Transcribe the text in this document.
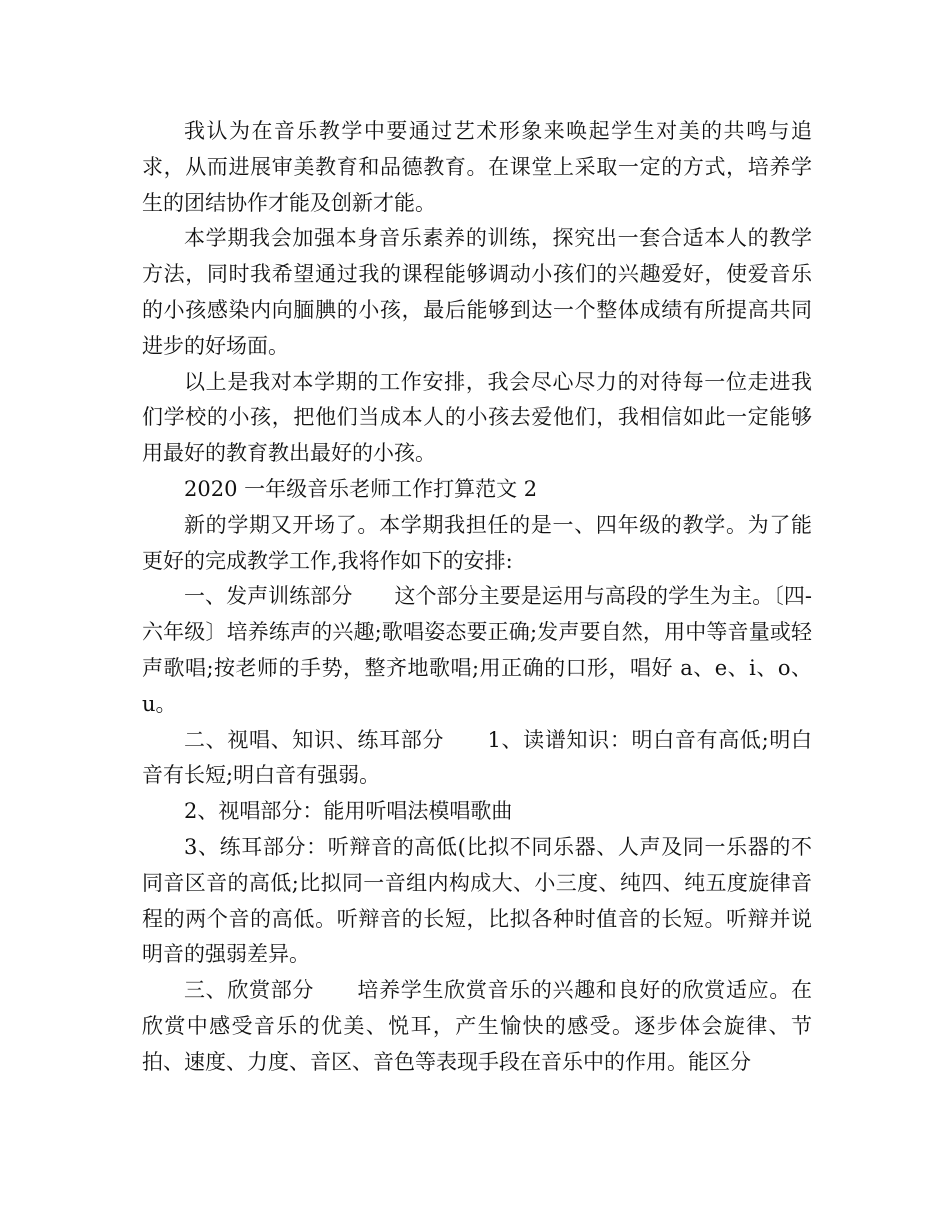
我认为在音乐教学中要通过艺术形象来唤起学生对美的共鸣与追求，从而进展审美教育和品德教育。在课堂上采取一定的方式，培养学生的团结协作才能及创新才能。

本学期我会加强本身音乐素养的训练，探究出一套合适本人的教学方法，同时我希望通过我的课程能够调动小孩们的兴趣爱好，使爱音乐的小孩感染内向腼腆的小孩，最后能够到达一个整体成绩有所提高共同进步的好场面。

以上是我对本学期的工作安排，我会尽心尽力的对待每一位走进我们学校的小孩，把他们当成本人的小孩去爱他们，我相信如此一定能够用最好的教育教出最好的小孩。

2020 一年级音乐老师工作打算范文 2

新的学期又开场了。本学期我担任的是一、四年级的教学。为了能更好的完成教学工作,我将作如下的安排:

一、发声训练部分　　这个部分主要是运用与高段的学生为主。〔四-六年级〕培养练声的兴趣;歌唱姿态要正确;发声要自然，用中等音量或轻声歌唱;按老师的手势，整齐地歌唱;用正确的口形，唱好 a、e、i、o、u。

二、视唱、知识、练耳部分　　1、读谱知识：明白音有高低;明白音有长短;明白音有强弱。

2、视唱部分：能用听唱法模唱歌曲

3、练耳部分：听辩音的高低(比拟不同乐器、人声及同一乐器的不同音区音的高低;比拟同一音组内构成大、小三度、纯四、纯五度旋律音程的两个音的高低。听辩音的长短，比拟各种时值音的长短。听辩并说明音的强弱差异。

三、欣赏部分　　培养学生欣赏音乐的兴趣和良好的欣赏适应。在欣赏中感受音乐的优美、悦耳，产生愉快的感受。逐步体会旋律、节拍、速度、力度、音区、音色等表现手段在音乐中的作用。能区分
